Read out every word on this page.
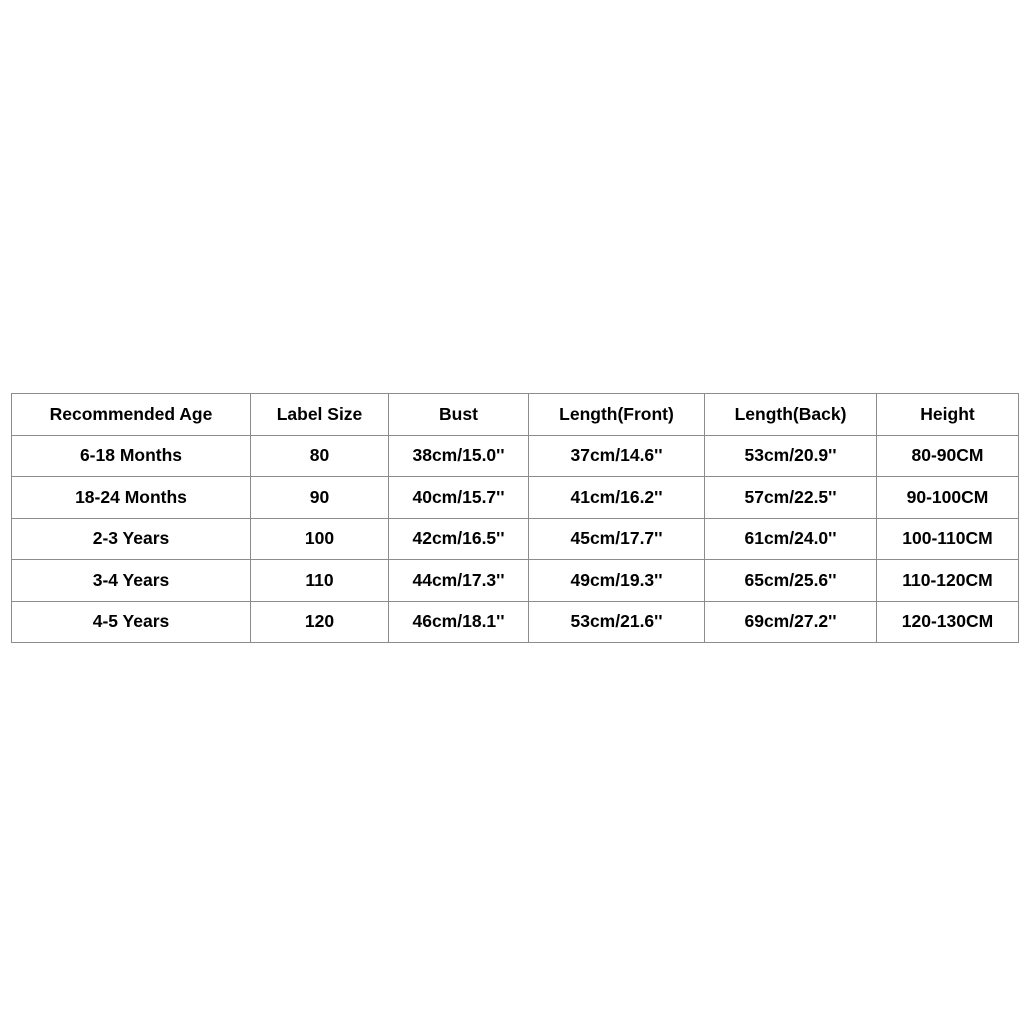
Recommended Age	Label Size	Bust	Length(Front)	Length(Back)	Height
6-18 Months	80	38cm/15.0''	37cm/14.6''	53cm/20.9''	80-90CM
18-24 Months	90	40cm/15.7''	41cm/16.2''	57cm/22.5''	90-100CM
2-3 Years	100	42cm/16.5''	45cm/17.7''	61cm/24.0''	100-110CM
3-4 Years	110	44cm/17.3''	49cm/19.3''	65cm/25.6''	110-120CM
4-5 Years	120	46cm/18.1''	53cm/21.6''	69cm/27.2''	120-130CM
